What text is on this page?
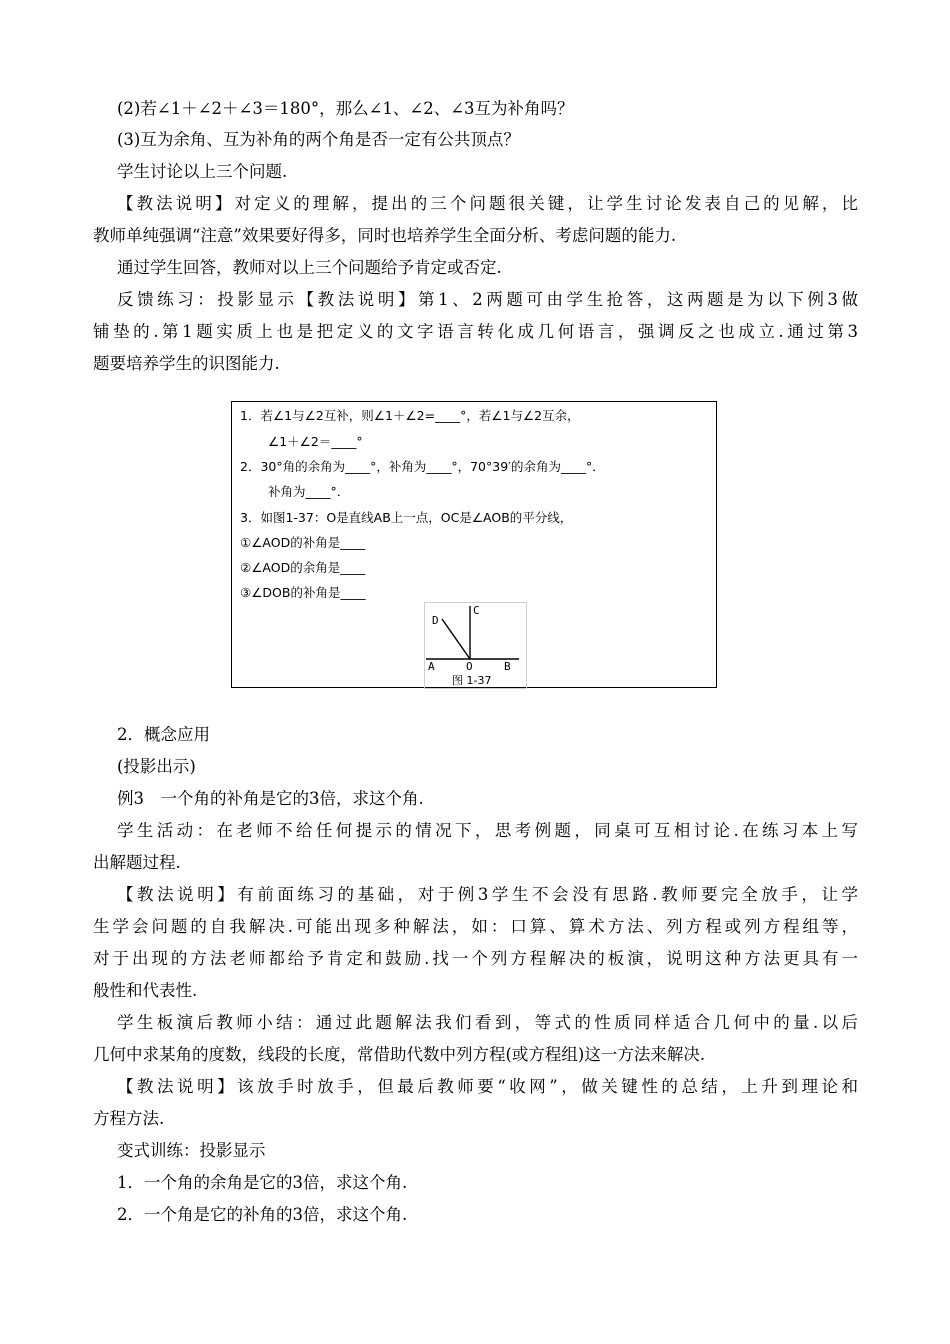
(2)若∠1＋∠2＋∠3＝180°，那么∠1、∠2、∠3互为补角吗？
(3)互为余角、互为补角的两个角是否一定有公共顶点？
学生讨论以上三个问题.
【教法说明】对定义的理解，提出的三个问题很关键，让学生讨论发表自己的见解，比
教师单纯强调“注意”效果要好得多，同时也培养学生全面分析、考虑问题的能力.
通过学生回答，教师对以上三个问题给予肯定或否定.
反馈练习：投影显示【教法说明】第1、2两题可由学生抢答，这两题是为以下例3做
铺垫的.第1题实质上也是把定义的文字语言转化成几何语言，强调反之也成立.通过第3
题要培养学生的识图能力.
1．若∠1与∠2互补，则∠1＋∠2=____°，若∠1与∠2互余，
∠1＋∠2＝____°
2．30°角的余角为____°，补角为____°，70°39′的余角为____°．
补角为____°．
3．如图1-37：O是直线AB上一点，OC是∠AOB的平分线，
①∠AOD的补角是____
②∠AOD的余角是____
③∠DOB的补角是____
D
C
A	O	B
图 1-37
2．概念应用
(投影出示)
例3　一个角的补角是它的3倍，求这个角.
学生活动：在老师不给任何提示的情况下，思考例题，同桌可互相讨论.在练习本上写
出解题过程.
【教法说明】有前面练习的基础，对于例3学生不会没有思路.教师要完全放手，让学
生学会问题的自我解决.可能出现多种解法，如：口算、算术方法、列方程或列方程组等，
对于出现的方法老师都给予肯定和鼓励.找一个列方程解决的板演，说明这种方法更具有一
般性和代表性.
学生板演后教师小结：通过此题解法我们看到，等式的性质同样适合几何中的量.以后
几何中求某角的度数，线段的长度，常借助代数中列方程(或方程组)这一方法来解决.
【教法说明】该放手时放手，但最后教师要“收网”，做关键性的总结，上升到理论和
方程方法.
变式训练：投影显示
1．一个角的余角是它的3倍，求这个角.
2．一个角是它的补角的3倍，求这个角.
